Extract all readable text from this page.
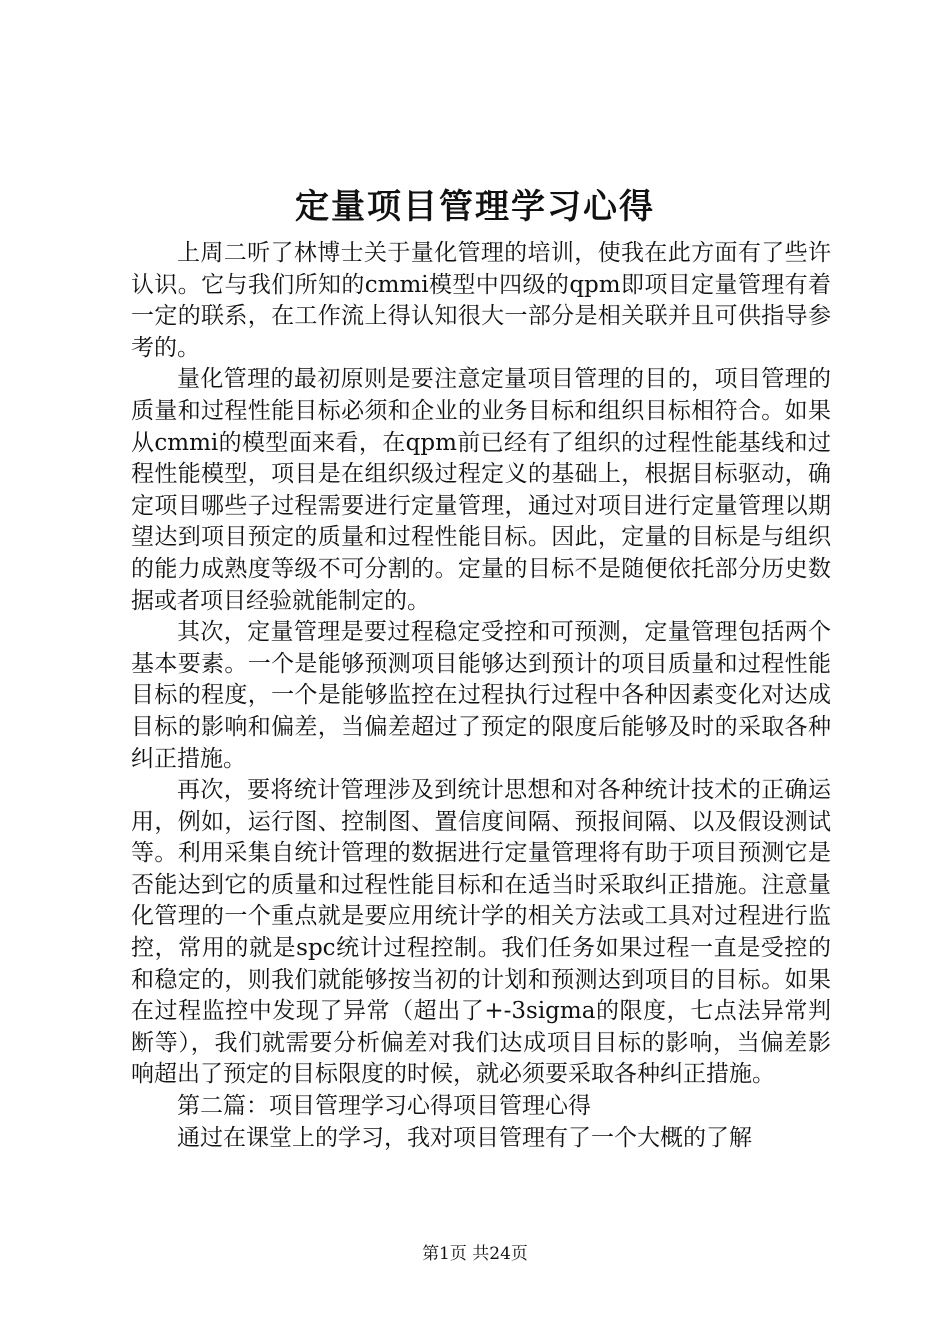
定量项目管理学习心得

上周二听了林博士关于量化管理的培训，使我在此方面有了些许认识。它与我们所知的cmmi模型中四级的qpm即项目定量管理有着一定的联系，在工作流上得认知很大一部分是相关联并且可供指导参考的。

量化管理的最初原则是要注意定量项目管理的目的，项目管理的质量和过程性能目标必须和企业的业务目标和组织目标相符合。如果从cmmi的模型面来看，在qpm前已经有了组织的过程性能基线和过程性能模型，项目是在组织级过程定义的基础上，根据目标驱动，确定项目哪些子过程需要进行定量管理，通过对项目进行定量管理以期望达到项目预定的质量和过程性能目标。因此，定量的目标是与组织的能力成熟度等级不可分割的。定量的目标不是随便依托部分历史数据或者项目经验就能制定的。

其次，定量管理是要过程稳定受控和可预测，定量管理包括两个基本要素。一个是能够预测项目能够达到预计的项目质量和过程性能目标的程度，一个是能够监控在过程执行过程中各种因素变化对达成目标的影响和偏差，当偏差超过了预定的限度后能够及时的采取各种纠正措施。

再次，要将统计管理涉及到统计思想和对各种统计技术的正确运用，例如，运行图、控制图、置信度间隔、预报间隔、以及假设测试等。利用采集自统计管理的数据进行定量管理将有助于项目预测它是否能达到它的质量和过程性能目标和在适当时采取纠正措施。注意量化管理的一个重点就是要应用统计学的相关方法或工具对过程进行监控，常用的就是spc统计过程控制。我们任务如果过程一直是受控的和稳定的，则我们就能够按当初的计划和预测达到项目的目标。如果在过程监控中发现了异常（超出了+-3sigma的限度，七点法异常判断等），我们就需要分析偏差对我们达成项目目标的影响，当偏差影响超出了预定的目标限度的时候，就必须要采取各种纠正措施。

第二篇：项目管理学习心得项目管理心得

通过在课堂上的学习，我对项目管理有了一个大概的了解

第1页 共24页
